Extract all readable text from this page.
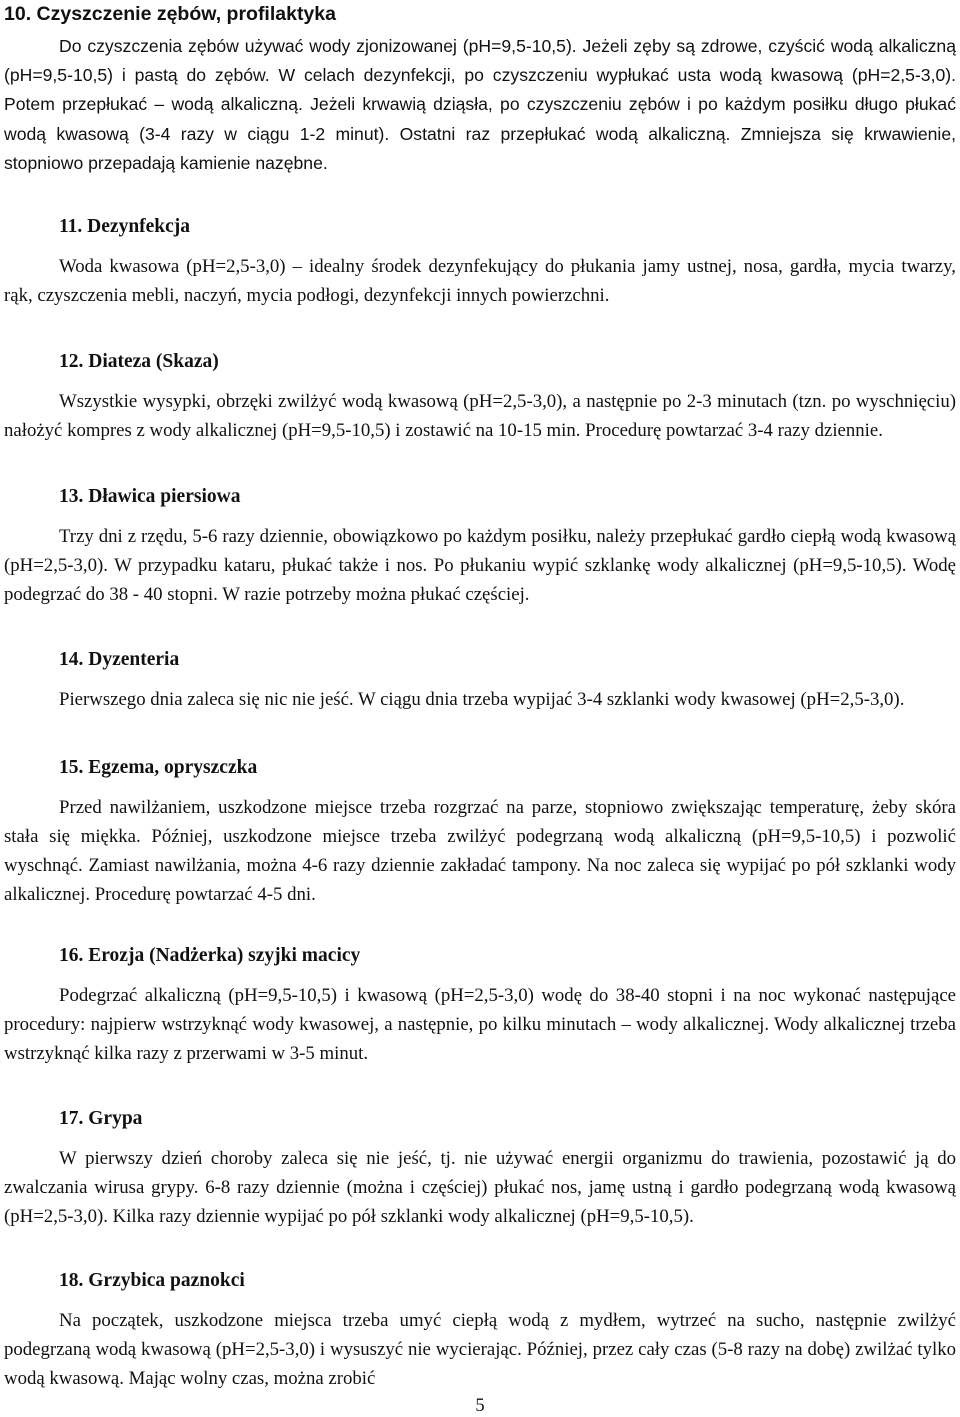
10. Czyszczenie zębów, profilaktyka

Do czyszczenia zębów używać wody zjonizowanej (pH=9,5-10,5). Jeżeli zęby są zdrowe, czyścić wodą alkaliczną (pH=9,5-10,5) i pastą do zębów. W celach dezynfekcji, po czyszczeniu wypłukać usta wodą kwasową (pH=2,5-3,0). Potem przepłukać – wodą alkaliczną. Jeżeli krwawią dziąsła, po czyszczeniu zębów i po każdym posiłku długo płukać wodą kwasową (3-4 razy w ciągu 1-2 minut). Ostatni raz przepłukać wodą alkaliczną. Zmniejsza się krwawienie, stopniowo przepadają kamienie nazębne.

11. Dezynfekcja

Woda kwasowa (pH=2,5-3,0) – idealny środek dezynfekujący do płukania jamy ustnej, nosa, gardła, mycia twarzy, rąk, czyszczenia mebli, naczyń, mycia podłogi, dezynfekcji innych powierzchni.

12. Diateza (Skaza)

Wszystkie wysypki, obrzęki zwilżyć wodą kwasową (pH=2,5-3,0), a następnie po 2-3 minutach (tzn. po wyschnięciu) nałożyć kompres z wody alkalicznej (pH=9,5-10,5) i zostawić na 10-15 min. Procedurę powtarzać 3-4 razy dziennie.

13. Dławica piersiowa

Trzy dni z rzędu, 5-6 razy dziennie, obowiązkowo po każdym posiłku, należy przepłukać gardło ciepłą wodą kwasową (pH=2,5-3,0). W przypadku kataru, płukać także i nos. Po płukaniu wypić szklankę wody alkalicznej (pH=9,5-10,5). Wodę podegrzać do 38 - 40 stopni. W razie potrzeby można płukać częściej.

14. Dyzenteria

Pierwszego dnia zaleca się nic nie jeść. W ciągu dnia trzeba wypijać 3-4 szklanki wody kwasowej (pH=2,5-3,0).

15. Egzema, opryszczka

Przed nawilżaniem, uszkodzone miejsce trzeba rozgrzać na parze, stopniowo zwiększając temperaturę, żeby skóra stała się miękka. Później, uszkodzone miejsce trzeba zwilżyć podegrzaną wodą alkaliczną (pH=9,5-10,5) i pozwolić wyschnąć. Zamiast nawilżania, można 4-6 razy dziennie zakładać tampony. Na noc zaleca się wypijać po pół szklanki wody alkalicznej. Procedurę powtarzać 4-5 dni.

16. Erozja (Nadżerka) szyjki macicy

Podegrzać alkaliczną (pH=9,5-10,5) i kwasową (pH=2,5-3,0) wodę do 38-40 stopni i na noc wykonać następujące procedury: najpierw wstrzyknąć wody kwasowej, a następnie, po kilku minutach – wody alkalicznej. Wody alkalicznej trzeba wstrzyknąć kilka razy z przerwami w 3-5 minut.

17. Grypa

W pierwszy dzień choroby zaleca się nie jeść, tj. nie używać energii organizmu do trawienia, pozostawić ją do zwalczania wirusa grypy. 6-8 razy dziennie (można i częściej) płukać nos, jamę ustną i gardło podegrzaną wodą kwasową (pH=2,5-3,0). Kilka razy dziennie wypijać po pół szklanki wody alkalicznej (pH=9,5-10,5).

18. Grzybica paznokci

Na początek, uszkodzone miejsca trzeba umyć ciepłą wodą z mydłem, wytrzeć na sucho, następnie zwilżyć podegrzaną wodą kwasową (pH=2,5-3,0) i wysuszyć nie wycierając. Później, przez cały czas (5-8 razy na dobę) zwilżać tylko wodą kwasową. Mając wolny czas, można zrobić

5
